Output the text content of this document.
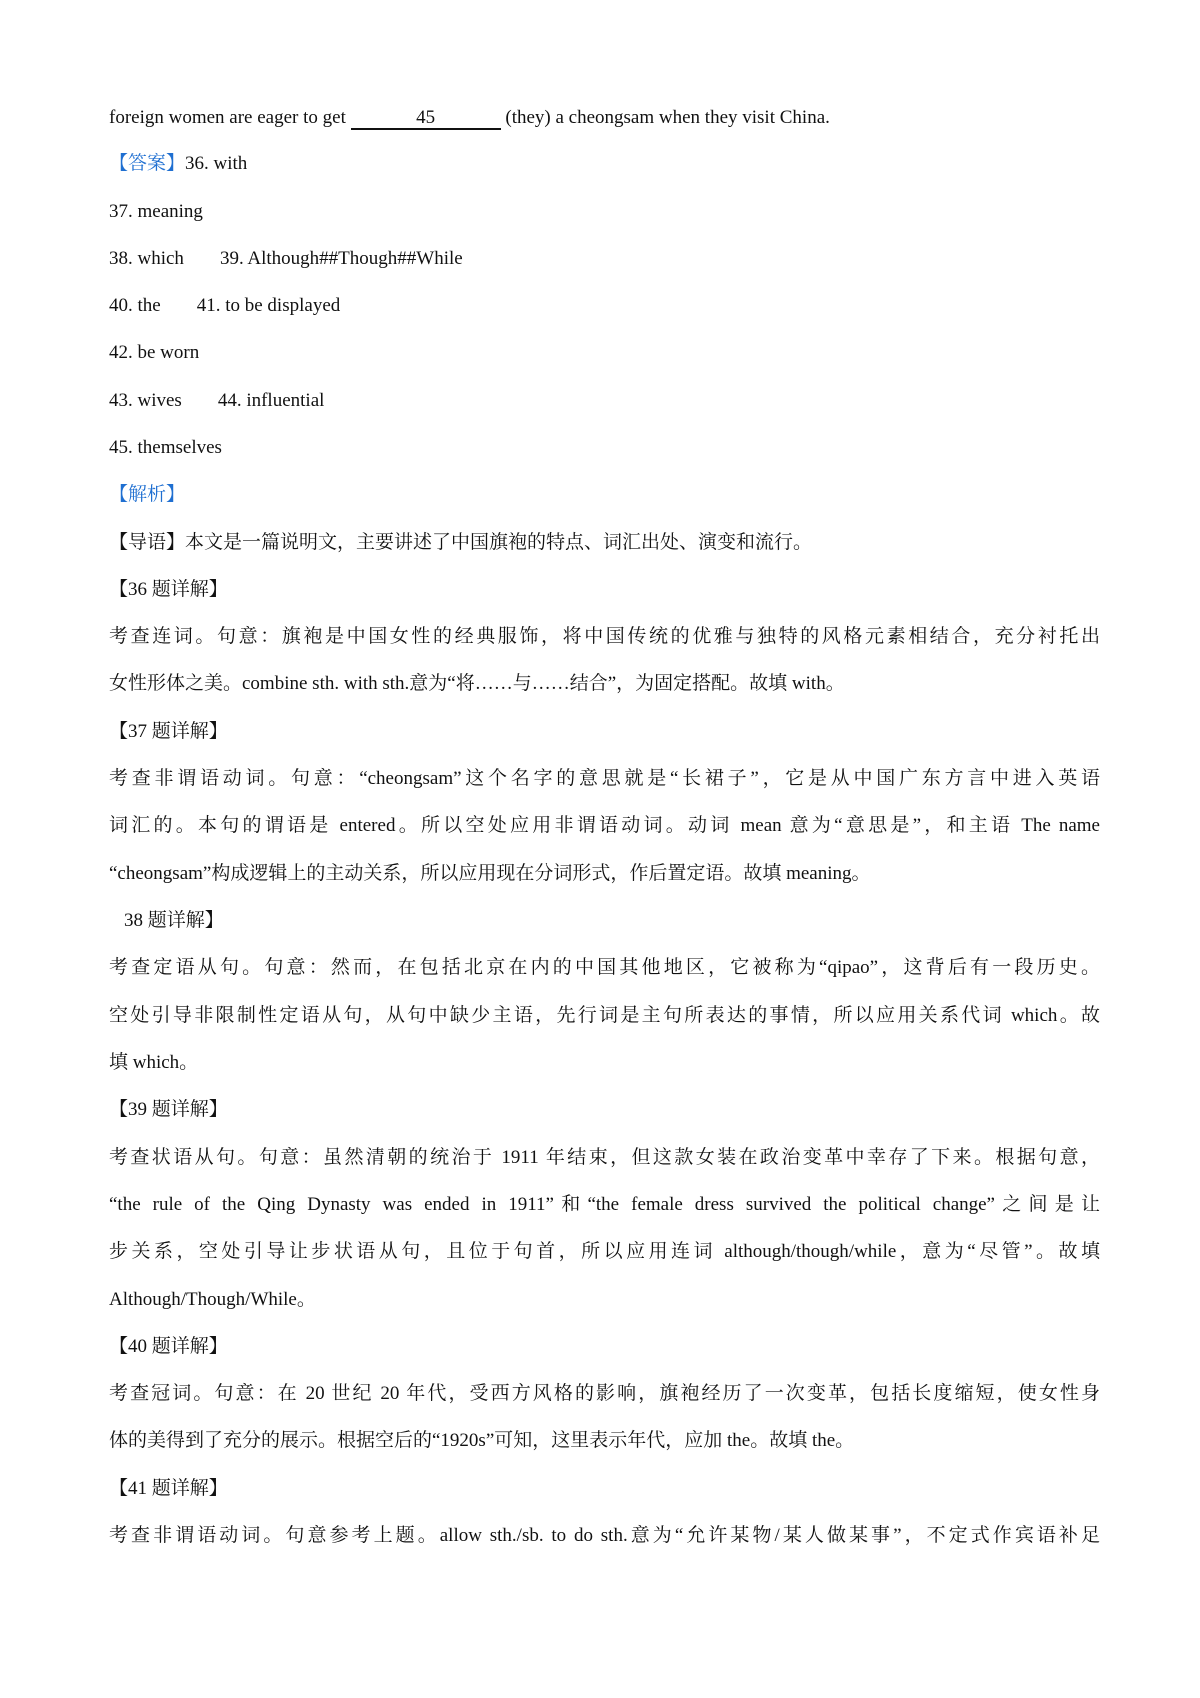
foreign women are eager to get	45	(they) a cheongsam when they visit China.
【答案】36. with
37. meaning
38. which 39. Although##Though##While
40. the 41. to be displayed
42. be worn
43. wives 44. influential
45. themselves
【解析】
【导语】本文是一篇说明文，主要讲述了中国旗袍的特点、词汇出处、演变和流行。
【36 题详解】
考查连词。句意：旗袍是中国女性的经典服饰，将中国传统的优雅与独特的风格元素相结合，充分衬托出
女性形体之美。combine sth. with sth.意为“将……与……结合”，为固定搭配。故填 with。
【37 题详解】
考查非谓语动词。句意：“cheongsam”这个名字的意思就是“长裙子”，它是从中国广东方言中进入英语
词汇的。本句的谓语是 entered。所以空处应用非谓语动词。动词 mean 意为“意思是”，和主语 The name
“cheongsam”构成逻辑上的主动关系，所以应用现在分词形式，作后置定语。故填 meaning。
38 题详解】
考查定语从句。句意：然而，在包括北京在内的中国其他地区，它被称为“qipao”，这背后有一段历史。
空处引导非限制性定语从句，从句中缺少主语，先行词是主句所表达的事情，所以应用关系代词 which。故
填 which。
【39 题详解】
考查状语从句。句意：虽然清朝的统治于 1911 年结束，但这款女装在政治变革中幸存了下来。根据句意，
“the rule of the Qing Dynasty was ended in 1911”和“the female dress survived the political change”之间是让
步关系，空处引导让步状语从句，且位于句首，所以应用连词 although/though/while，意为“尽管”。故填
Although/Though/While。
【40 题详解】
考查冠词。句意：在 20 世纪 20 年代，受西方风格的影响，旗袍经历了一次变革，包括长度缩短，使女性身
体的美得到了充分的展示。根据空后的“1920s”可知，这里表示年代，应加 the。故填 the。
【41 题详解】
考查非谓语动词。句意参考上题。allow sth./sb. to do sth.意为“允许某物/某人做某事”，不定式作宾语补足
